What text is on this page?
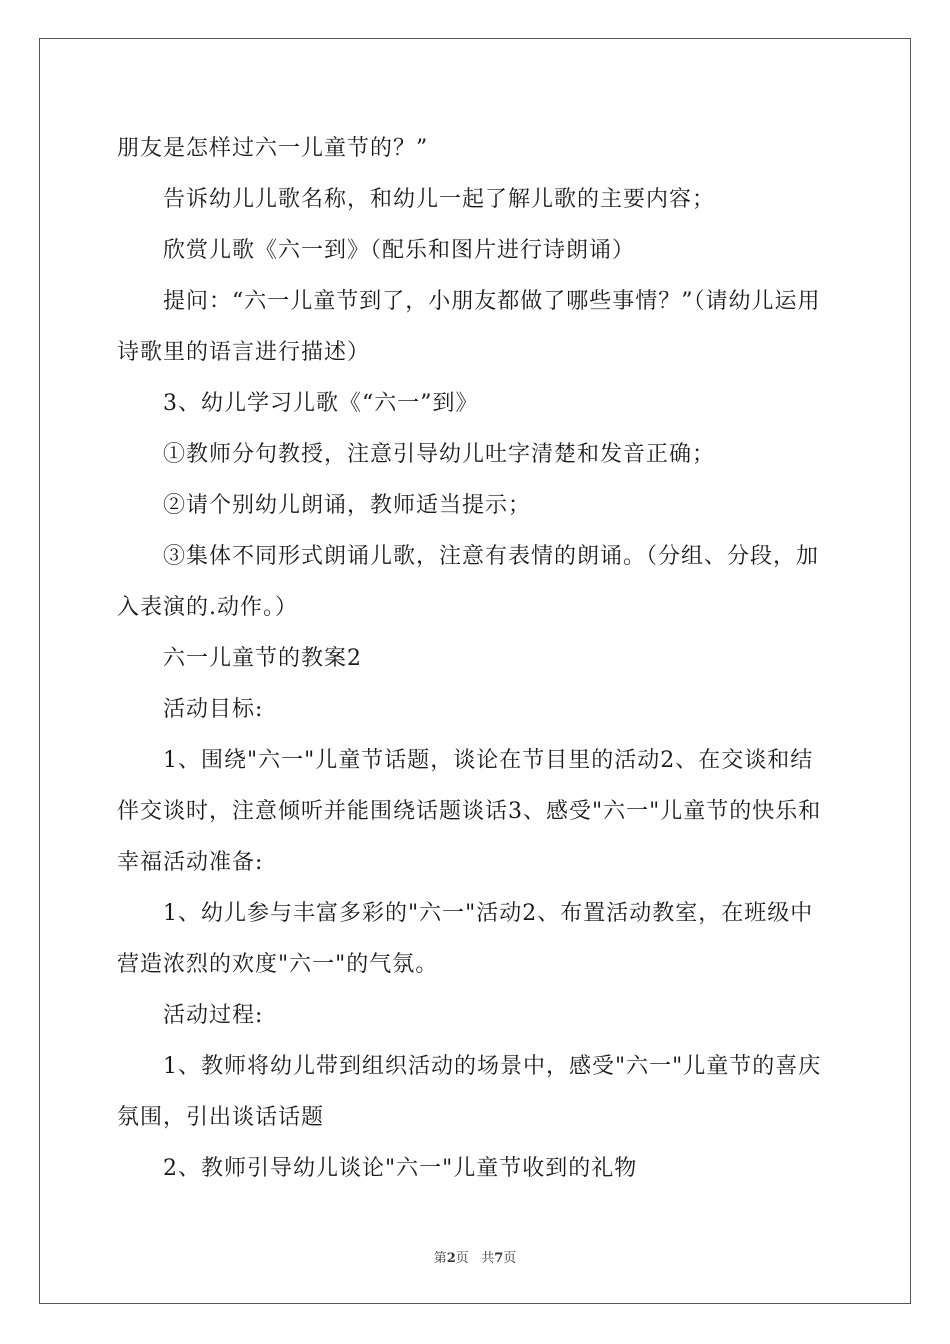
朋友是怎样过六一儿童节的？”

告诉幼儿儿歌名称，和幼儿一起了解儿歌的主要内容；

欣赏儿歌《六一到》（配乐和图片进行诗朗诵）

提问：“六一儿童节到了，小朋友都做了哪些事情？”（请幼儿运用诗歌里的语言进行描述）

3、幼儿学习儿歌《“六一”到》

①教师分句教授，注意引导幼儿吐字清楚和发音正确；

②请个别幼儿朗诵，教师适当提示；

③集体不同形式朗诵儿歌，注意有表情的朗诵。（分组、分段，加入表演的.动作。）

六一儿童节的教案2

活动目标:

1、围绕"六一"儿童节话题，谈论在节目里的活动2、在交谈和结伴交谈时，注意倾听并能围绕话题谈话3、感受"六一"儿童节的快乐和幸福活动准备:

1、幼儿参与丰富多彩的"六一"活动2、布置活动教室，在班级中营造浓烈的欢度"六一"的气氛。

活动过程:

1、教师将幼儿带到组织活动的场景中，感受"六一"儿童节的喜庆氛围，引出谈话话题

2、教师引导幼儿谈论"六一"儿童节收到的礼物

第2页 共7页
